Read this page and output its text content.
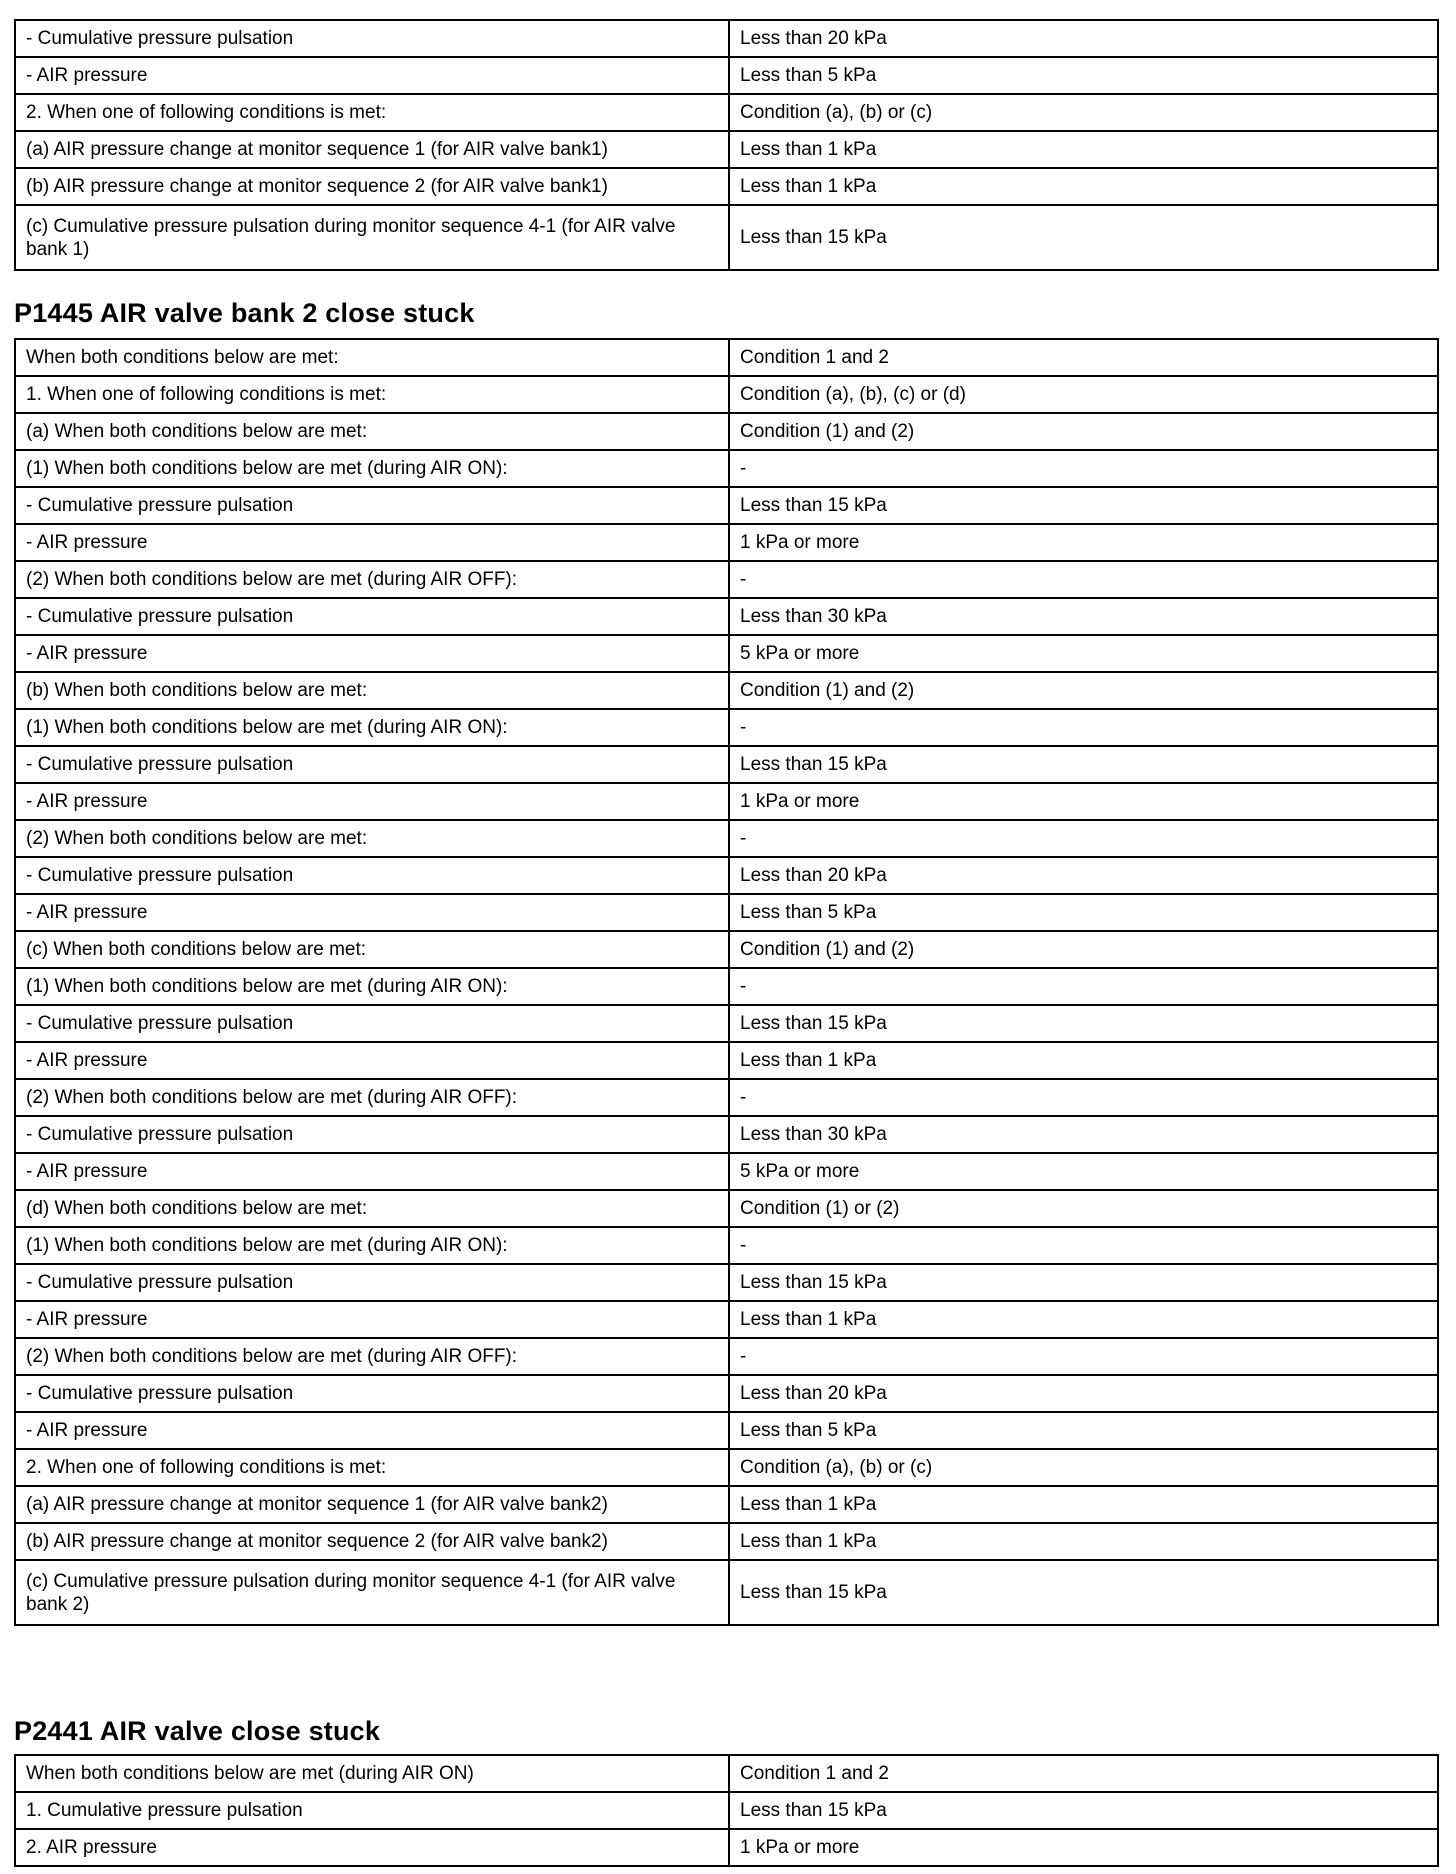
- Cumulative pressure pulsation	Less than 20 kPa
- AIR pressure	Less than 5 kPa
2. When one of following conditions is met:	Condition (a), (b) or (c)
(a) AIR pressure change at monitor sequence 1 (for AIR valve bank1)	Less than 1 kPa
(b) AIR pressure change at monitor sequence 2 (for AIR valve bank1)	Less than 1 kPa
(c) Cumulative pressure pulsation during monitor sequence 4-1 (for AIR valve bank 1)	Less than 15 kPa
P1445 AIR valve bank 2 close stuck
When both conditions below are met:	Condition 1 and 2
1. When one of following conditions is met:	Condition (a), (b), (c) or (d)
(a) When both conditions below are met:	Condition (1) and (2)
(1) When both conditions below are met (during AIR ON):	-
- Cumulative pressure pulsation	Less than 15 kPa
- AIR pressure	1 kPa or more
(2) When both conditions below are met (during AIR OFF):	-
- Cumulative pressure pulsation	Less than 30 kPa
- AIR pressure	5 kPa or more
(b) When both conditions below are met:	Condition (1) and (2)
(1) When both conditions below are met (during AIR ON):	-
- Cumulative pressure pulsation	Less than 15 kPa
- AIR pressure	1 kPa or more
(2) When both conditions below are met:	-
- Cumulative pressure pulsation	Less than 20 kPa
- AIR pressure	Less than 5 kPa
(c) When both conditions below are met:	Condition (1) and (2)
(1) When both conditions below are met (during AIR ON):	-
- Cumulative pressure pulsation	Less than 15 kPa
- AIR pressure	Less than 1 kPa
(2) When both conditions below are met (during AIR OFF):	-
- Cumulative pressure pulsation	Less than 30 kPa
- AIR pressure	5 kPa or more
(d) When both conditions below are met:	Condition (1) or (2)
(1) When both conditions below are met (during AIR ON):	-
- Cumulative pressure pulsation	Less than 15 kPa
- AIR pressure	Less than 1 kPa
(2) When both conditions below are met (during AIR OFF):	-
- Cumulative pressure pulsation	Less than 20 kPa
- AIR pressure	Less than 5 kPa
2. When one of following conditions is met:	Condition (a), (b) or (c)
(a) AIR pressure change at monitor sequence 1 (for AIR valve bank2)	Less than 1 kPa
(b) AIR pressure change at monitor sequence 2 (for AIR valve bank2)	Less than 1 kPa
(c) Cumulative pressure pulsation during monitor sequence 4-1 (for AIR valve bank 2)	Less than 15 kPa
P2441 AIR valve close stuck
When both conditions below are met (during AIR ON)	Condition 1 and 2
1. Cumulative pressure pulsation	Less than 15 kPa
2. AIR pressure	1 kPa or more
